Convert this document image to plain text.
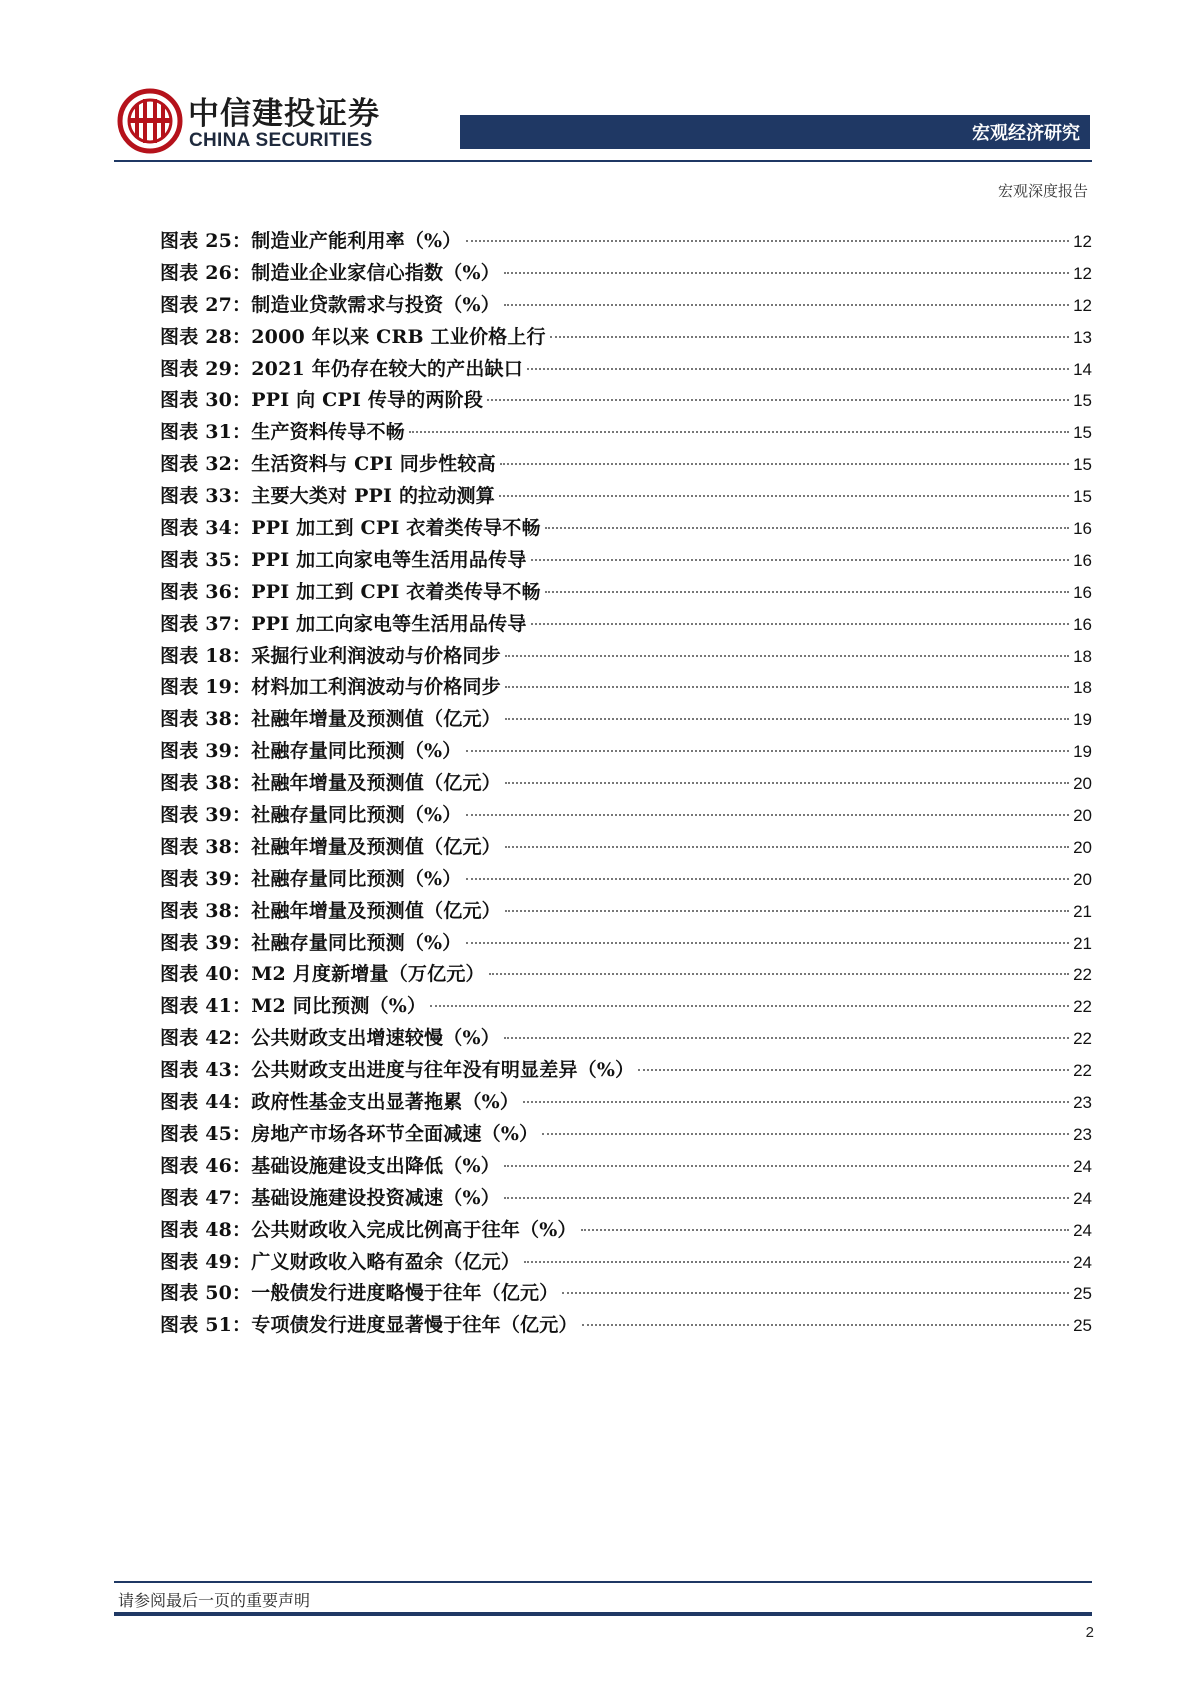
中信建投证券
CHINA SECURITIES	宏观经济研究
宏观深度报告
图表 25：制造业产能利用率（%）	12
图表 26：制造业企业家信心指数（%）	12
图表 27：制造业贷款需求与投资（%）	12
图表 28：2000 年以来 CRB 工业价格上行	13
图表 29：2021 年仍存在较大的产出缺口	14
图表 30：PPI 向 CPI 传导的两阶段	15
图表 31：生产资料传导不畅	15
图表 32：生活资料与 CPI 同步性较高	15
图表 33：主要大类对 PPI 的拉动测算	15
图表 34：PPI 加工到 CPI 衣着类传导不畅	16
图表 35：PPI 加工向家电等生活用品传导	16
图表 36：PPI 加工到 CPI 衣着类传导不畅	16
图表 37：PPI 加工向家电等生活用品传导	16
图表 18：采掘行业利润波动与价格同步	18
图表 19：材料加工利润波动与价格同步	18
图表 38：社融年增量及预测值（亿元）	19
图表 39：社融存量同比预测（%）	19
图表 38：社融年增量及预测值（亿元）	20
图表 39：社融存量同比预测（%）	20
图表 38：社融年增量及预测值（亿元）	20
图表 39：社融存量同比预测（%）	20
图表 38：社融年增量及预测值（亿元）	21
图表 39：社融存量同比预测（%）	21
图表 40：M2 月度新增量（万亿元）	22
图表 41：M2 同比预测（%）	22
图表 42：公共财政支出增速较慢（%）	22
图表 43：公共财政支出进度与往年没有明显差异（%）	22
图表 44：政府性基金支出显著拖累（%）	23
图表 45：房地产市场各环节全面减速（%）	23
图表 46：基础设施建设支出降低（%）	24
图表 47：基础设施建设投资减速（%）	24
图表 48：公共财政收入完成比例高于往年（%）	24
图表 49：广义财政收入略有盈余（亿元）	24
图表 50：一般债发行进度略慢于往年（亿元）	25
图表 51：专项债发行进度显著慢于往年（亿元）	25
请参阅最后一页的重要声明
2
